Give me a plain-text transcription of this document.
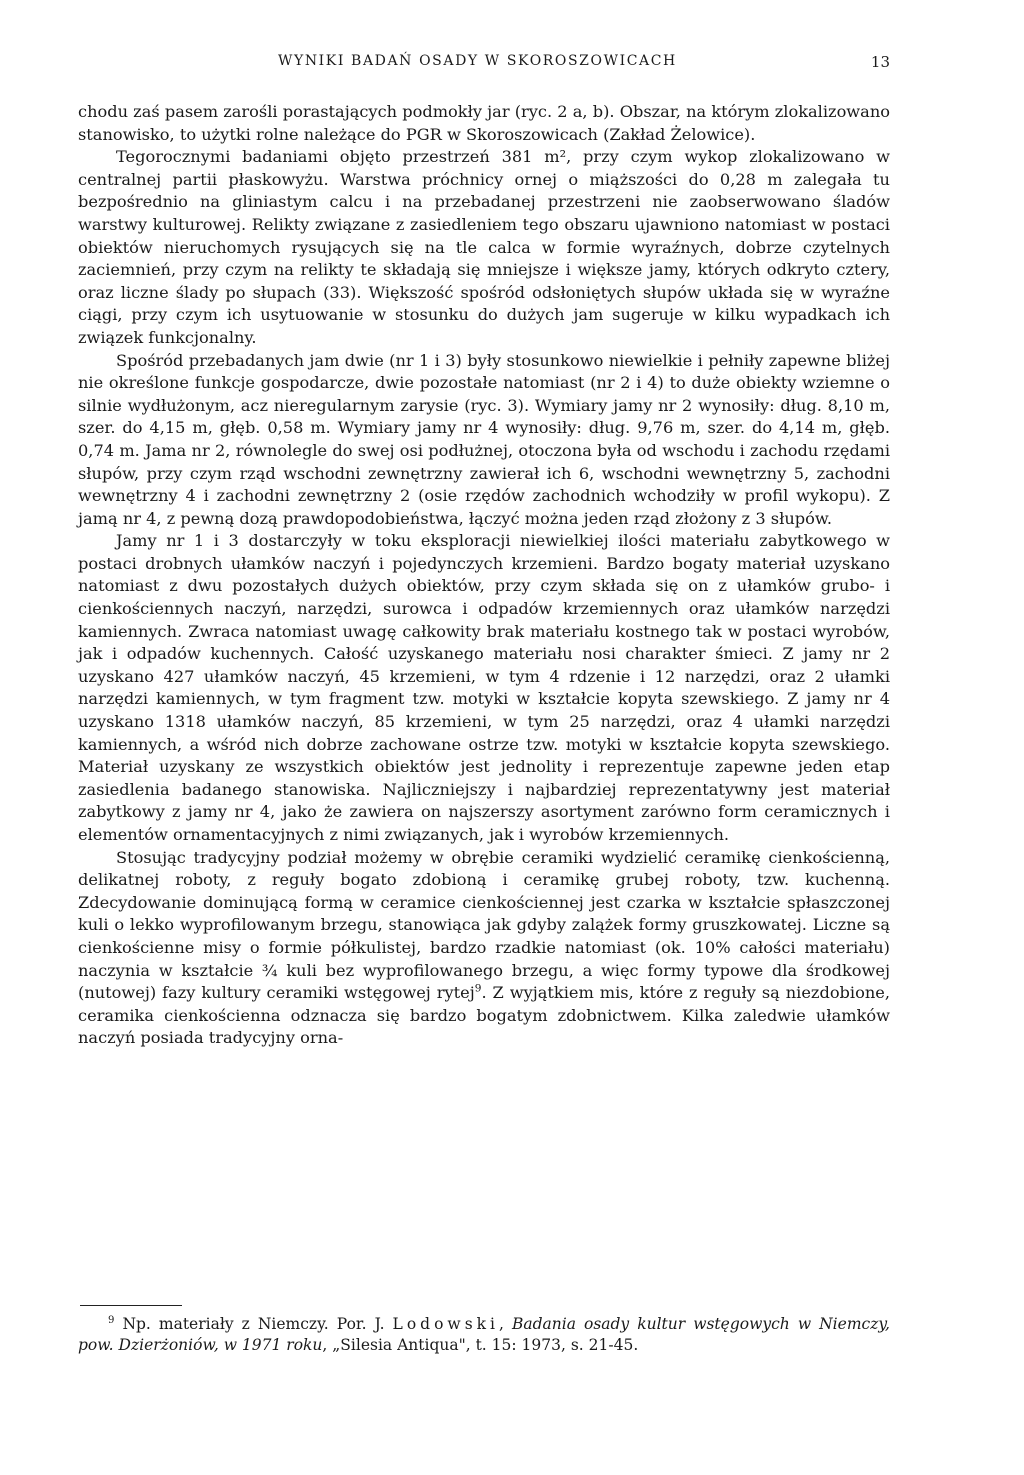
WYNIKI BADAŃ OSADY W SKOROSZOWICACH	13

chodu zaś pasem zarośli porastających podmokły jar (ryc. 2 a, b). Obszar, na którym zlokalizowano stanowisko, to użytki rolne należące do PGR w Skoroszowicach (Zakład Żelowice).

Tegorocznymi badaniami objęto przestrzeń 381 m², przy czym wykop zlokalizowano w centralnej partii płaskowyżu. Warstwa próchnicy ornej o miąższości do 0,28 m zalegała tu bezpośrednio na gliniastym calcu i na przebadanej przestrzeni nie zaobserwowano śladów warstwy kulturowej. Relikty związane z zasiedleniem tego obszaru ujawniono natomiast w postaci obiektów nieruchomych rysujących się na tle calca w formie wyraźnych, dobrze czytelnych zaciemnień, przy czym na relikty te składają się mniejsze i większe jamy, których odkryto cztery, oraz liczne ślady po słupach (33). Większość spośród odsłoniętych słupów układa się w wyraźne ciągi, przy czym ich usytuowanie w stosunku do dużych jam sugeruje w kilku wypadkach ich związek funkcjonalny.

Spośród przebadanych jam dwie (nr 1 i 3) były stosunkowo niewielkie i pełniły zapewne bliżej nie określone funkcje gospodarcze, dwie pozostałe natomiast (nr 2 i 4) to duże obiekty wziemne o silnie wydłużonym, acz nieregularnym zarysie (ryc. 3). Wymiary jamy nr 2 wynosiły: dług. 8,10 m, szer. do 4,15 m, głęb. 0,58 m. Wymiary jamy nr 4 wynosiły: dług. 9,76 m, szer. do 4,14 m, głęb. 0,74 m. Jama nr 2, równolegle do swej osi podłużnej, otoczona była od wschodu i zachodu rzędami słupów, przy czym rząd wschodni zewnętrzny zawierał ich 6, wschodni wewnętrzny 5, zachodni wewnętrzny 4 i zachodni zewnętrzny 2 (osie rzędów zachodnich wchodziły w profil wykopu). Z jamą nr 4, z pewną dozą prawdopodobieństwa, łączyć można jeden rząd złożony z 3 słupów.

Jamy nr 1 i 3 dostarczyły w toku eksploracji niewielkiej ilości materiału zabytkowego w postaci drobnych ułamków naczyń i pojedynczych krzemieni. Bardzo bogaty materiał uzyskano natomiast z dwu pozostałych dużych obiektów, przy czym składa się on z ułamków grubo- i cienkościennych naczyń, narzędzi, surowca i odpadów krzemiennych oraz ułamków narzędzi kamiennych. Zwraca natomiast uwagę całkowity brak materiału kostnego tak w postaci wyrobów, jak i odpadów kuchennych. Całość uzyskanego materiału nosi charakter śmieci. Z jamy nr 2 uzyskano 427 ułamków naczyń, 45 krzemieni, w tym 4 rdzenie i 12 narzędzi, oraz 2 ułamki narzędzi kamiennych, w tym fragment tzw. motyki w kształcie kopyta szewskiego. Z jamy nr 4 uzyskano 1318 ułamków naczyń, 85 krzemieni, w tym 25 narzędzi, oraz 4 ułamki narzędzi kamiennych, a wśród nich dobrze zachowane ostrze tzw. motyki w kształcie kopyta szewskiego. Materiał uzyskany ze wszystkich obiektów jest jednolity i reprezentuje zapewne jeden etap zasiedlenia badanego stanowiska. Najliczniejszy i najbardziej reprezentatywny jest materiał zabytkowy z jamy nr 4, jako że zawiera on najszerszy asortyment zarówno form ceramicznych i elementów ornamentacyjnych z nimi związanych, jak i wyrobów krzemiennych.

Stosując tradycyjny podział możemy w obrębie ceramiki wydzielić ceramikę cienkościenną, delikatnej roboty, z reguły bogato zdobioną i ceramikę grubej roboty, tzw. kuchenną. Zdecydowanie dominującą formą w ceramice cienkościennej jest czarka w kształcie spłaszczonej kuli o lekko wyprofilowanym brzegu, stanowiąca jak gdyby zalążek formy gruszkowatej. Liczne są cienkościenne misy o formie półkulistej, bardzo rzadkie natomiast (ok. 10% całości materiału) naczynia w kształcie ¾ kuli bez wyprofilowanego brzegu, a więc formy typowe dla środkowej (nutowej) fazy kultury ceramiki wstęgowej rytej$^9$. Z wyjątkiem mis, które z reguły są niezdobione, ceramika cienkościenna odznacza się bardzo bogatym zdobnictwem. Kilka zaledwie ułamków naczyń posiada tradycyjny orna-

$^9$ Np. materiały z Niemczy. Por. J. Lodowski, Badania osady kultur wstęgowych w Niemczy, pow. Dzierżoniów, w 1971 roku, „Silesia Antiqua", t. 15: 1973, s. 21-45.
